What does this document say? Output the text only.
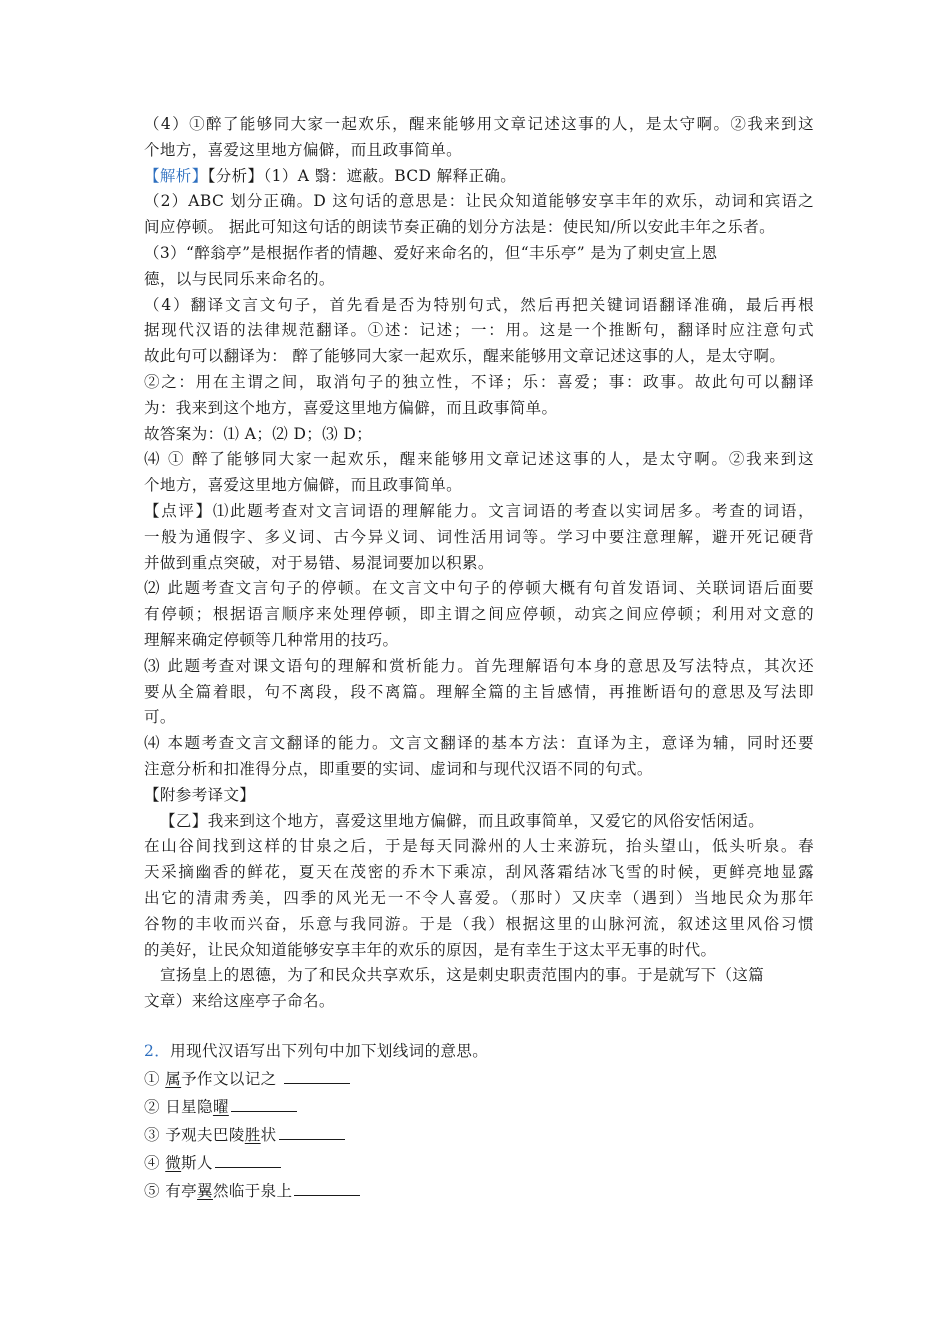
（4）①醉了能够同大家一起欢乐，醒来能够用文章记述这事的人，是太守啊。②我来到这
个地方，喜爱这里地方偏僻，而且政事简单。
【解析】【分析】（1）A 翳：遮蔽。BCD 解释正确。
（2）ABC 划分正确。D 这句话的意思是：让民众知道能够安享丰年的欢乐，动词和宾语之
间应停顿。 据此可知这句话的朗读节奏正确的划分方法是：使民知/所以安此丰年之乐者。
（3）“醉翁亭”是根据作者的情趣、爱好来命名的，但“丰乐亭” 是为了刺史宣上恩
德，以与民同乐来命名的。
（4）翻译文言文句子，首先看是否为特别句式，然后再把关键词语翻译准确，最后再根
据现代汉语的法律规范翻译。①述：记述；一：用。这是一个推断句，翻译时应注意句式
故此句可以翻译为： 醉了能够同大家一起欢乐，醒来能够用文章记述这事的人，是太守啊。
②之：用在主谓之间，取消句子的独立性，不译；乐：喜爱；事：政事。故此句可以翻译
为：我来到这个地方，喜爱这里地方偏僻，而且政事简单。
故答案为：⑴ A；⑵ D；⑶ D；
⑷ ① 醉了能够同大家一起欢乐，醒来能够用文章记述这事的人，是太守啊。②我来到这
个地方，喜爱这里地方偏僻，而且政事简单。
【点评】⑴此题考查对文言词语的理解能力。文言词语的考查以实词居多。考查的词语，
一般为通假字、多义词、古今异义词、词性活用词等。学习中要注意理解，避开死记硬背
并做到重点突破，对于易错、易混词要加以积累。
⑵ 此题考查文言句子的停顿。在文言文中句子的停顿大概有句首发语词、关联词语后面要
有停顿；根据语言顺序来处理停顿，即主谓之间应停顿，动宾之间应停顿；利用对文意的
理解来确定停顿等几种常用的技巧。
⑶ 此题考查对课文语句的理解和赏析能力。首先理解语句本身的意思及写法特点，其次还
要从全篇着眼，句不离段，段不离篇。理解全篇的主旨感情，再推断语句的意思及写法即
可。
⑷ 本题考查文言文翻译的能力。文言文翻译的基本方法：直译为主，意译为辅，同时还要
注意分析和扣准得分点，即重要的实词、虚词和与现代汉语不同的句式。
【附参考译文】
【乙】我来到这个地方，喜爱这里地方偏僻，而且政事简单，又爱它的风俗安恬闲适。
在山谷间找到这样的甘泉之后，于是每天同滁州的人士来游玩，抬头望山，低头听泉。春
天采摘幽香的鲜花，夏天在茂密的乔木下乘凉，刮风落霜结冰飞雪的时候，更鲜亮地显露
出它的清肃秀美，四季的风光无一不令人喜爱。（那时）又庆幸（遇到）当地民众为那年
谷物的丰收而兴奋，乐意与我同游。于是（我）根据这里的山脉河流，叙述这里风俗习惯
的美好，让民众知道能够安享丰年的欢乐的原因，是有幸生于这太平无事的时代。
宣扬皇上的恩德，为了和民众共享欢乐，这是刺史职责范围内的事。于是就写下（这篇
文章）来给这座亭子命名。
2．用现代汉语写出下列句中加下划线词的意思。
① 属予作文以记之
② 日星隐曜
③ 予观夫巴陵胜状
④ 微斯人
⑤ 有亭翼然临于泉上
